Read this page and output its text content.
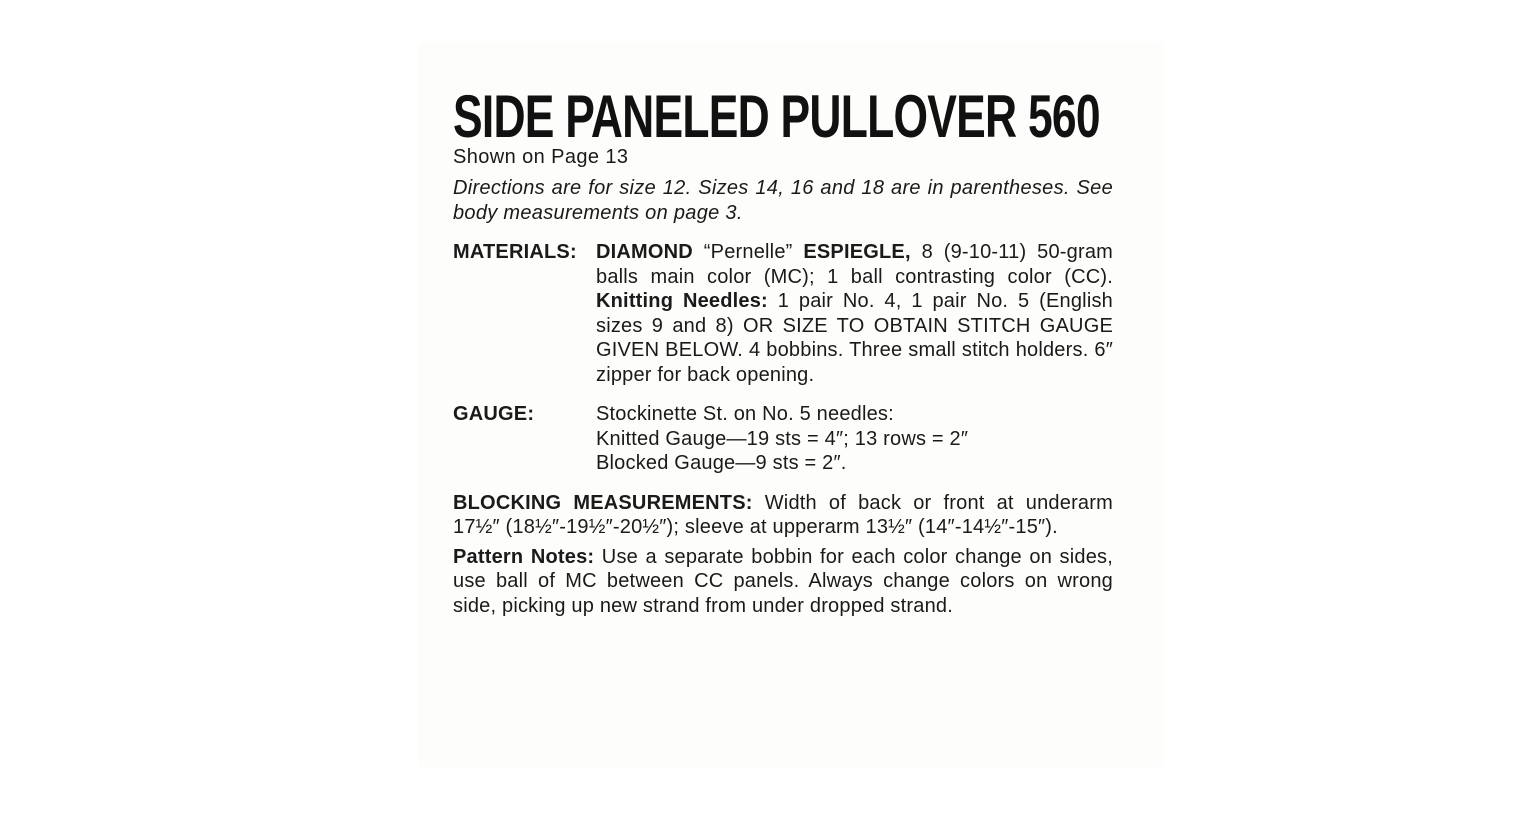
SIDE PANELED PULLOVER 560
Shown on Page 13
Directions are for size 12. Sizes 14, 16 and 18 are in parentheses. See body measurements on page 3.
MATERIALS: DIAMOND “Pernelle” ESPIEGLE, 8 (9-10-11) 50-gram balls main color (MC); 1 ball contrasting color (CC). Knitting Needles: 1 pair No. 4, 1 pair No. 5 (English sizes 9 and 8) OR SIZE TO OBTAIN STITCH GAUGE GIVEN BELOW. 4 bobbins. Three small stitch holders. 6″ zipper for back opening.
GAUGE:	Stockinette St. on No. 5 needles:
Knitted Gauge—19 sts = 4″; 13 rows = 2″
Blocked Gauge—9 sts = 2″.
BLOCKING MEASUREMENTS: Width of back or front at underarm 17½″ (18½″-19½″-20½″); sleeve at upperarm 13½″ (14″-14½″-15″).
Pattern Notes: Use a separate bobbin for each color change on sides, use ball of MC between CC panels. Always change colors on wrong side, picking up new strand from under dropped strand.
